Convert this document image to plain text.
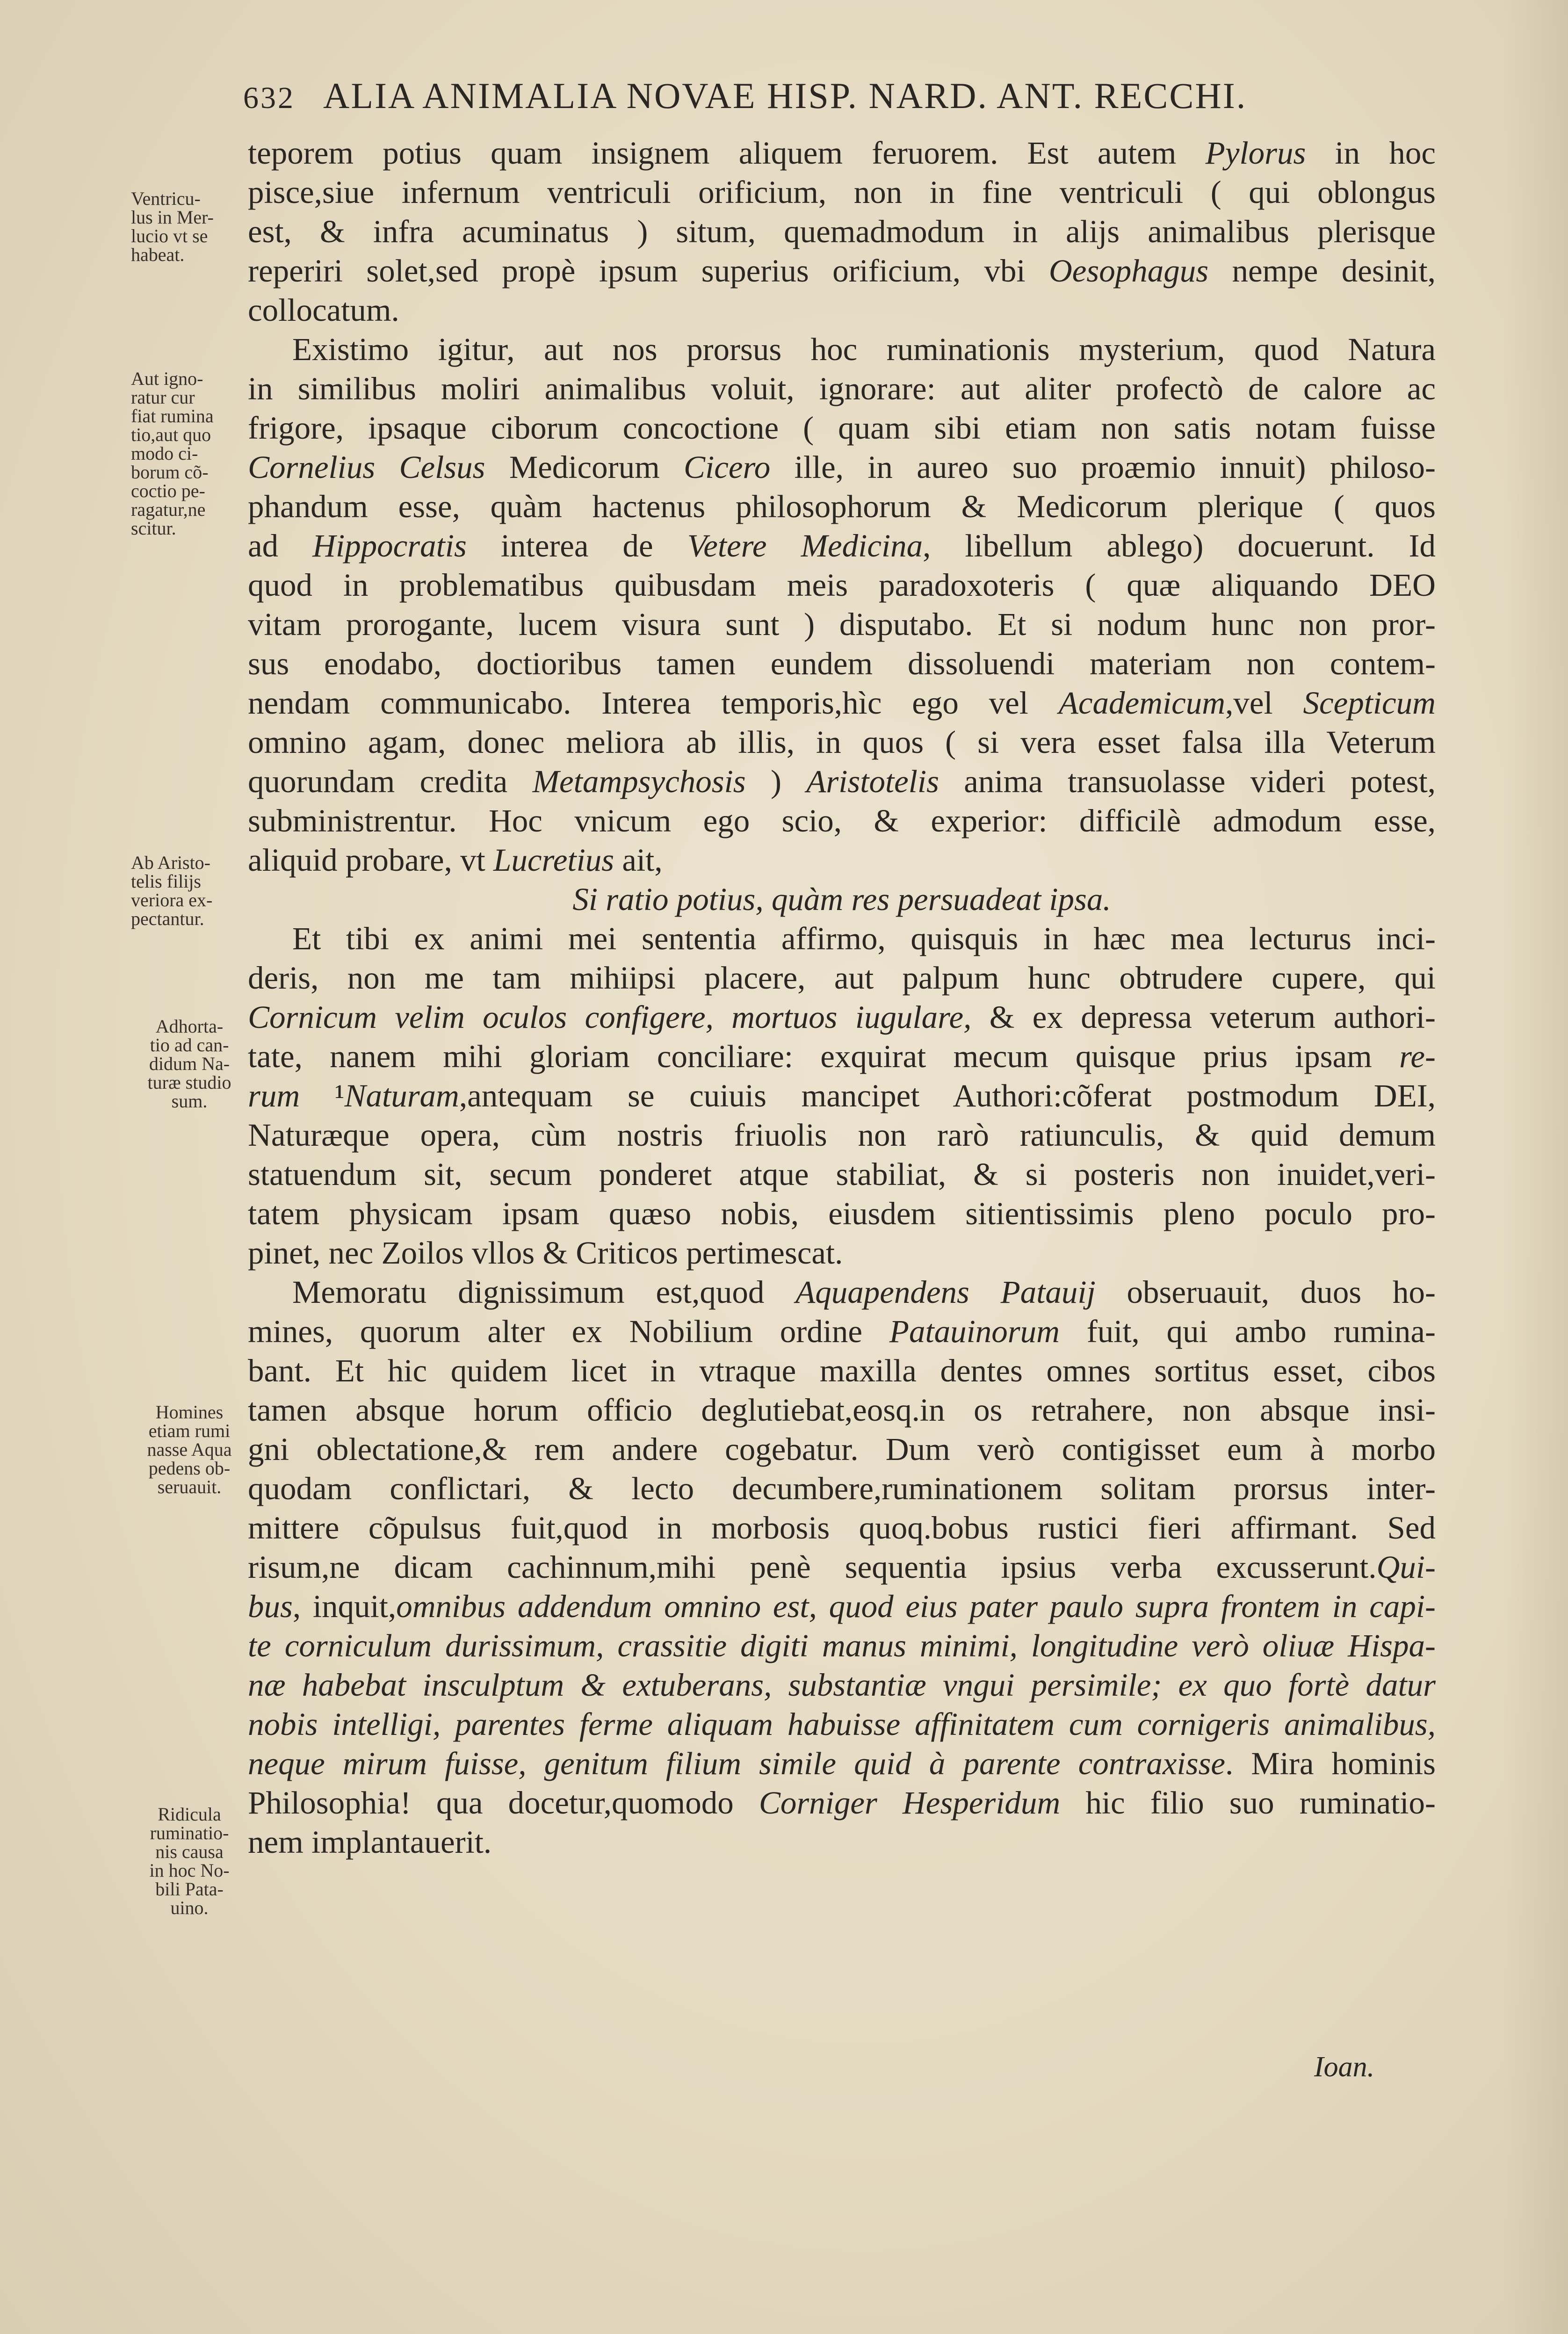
632 ALIA ANIMALIA NOVAE HISP. NARD. ANT. RECCHI.
Ventricu-
lus in Mer-
lucio vt se
habeat.
Aut igno-
ratur cur
fiat rumina
tio,aut quo
modo ci-
borum cõ-
coctio pe-
ragatur,ne
scitur.
Ab Aristo-
telis filijs
veriora ex-
pectantur.
Adhorta-
tio ad can-
didum Na-
turæ studio
sum.
Homines
etiam rumi
nasse Aqua
pedens ob-
seruauit.
Ridicula
ruminatio-
nis causa
in hoc No-
bili Pata-
uino.
teporem potius quam insignem aliquem feruorem. Est autem Pylorus in hoc
pisce,siue infernum ventriculi orificium, non in fine ventriculi ( qui oblongus
est, & infra acuminatus ) situm, quemadmodum in alijs animalibus plerisque
reperiri solet,sed propè ipsum superius orificium, vbi Oesophagus nempe desinit,
collocatum.
Existimo igitur, aut nos prorsus hoc ruminationis mysterium, quod Natura
in similibus moliri animalibus voluit, ignorare: aut aliter profectò de calore ac
frigore, ipsaque ciborum concoctione ( quam sibi etiam non satis notam fuisse
Cornelius Celsus Medicorum Cicero ille, in aureo suo proæmio innuit) philoso-
phandum esse, quàm hactenus philosophorum & Medicorum plerique ( quos
ad Hippocratis interea de Vetere Medicina, libellum ablego) docuerunt. Id
quod in problematibus quibusdam meis paradoxoteris ( quæ aliquando DEO
vitam prorogante, lucem visura sunt ) disputabo. Et si nodum hunc non pror-
sus enodabo, doctioribus tamen eundem dissoluendi materiam non contem-
nendam communicabo. Interea temporis,hìc ego vel Academicum,vel Scepticum
omnino agam, donec meliora ab illis, in quos ( si vera esset falsa illa Veterum
quorundam credita Metampsychosis ) Aristotelis anima transuolasse videri potest,
subministrentur. Hoc vnicum ego scio, & experior: difficilè admodum esse,
aliquid probare, vt Lucretius ait,
Si ratio potius, quàm res persuadeat ipsa.
Et tibi ex animi mei sententia affirmo, quisquis in hæc mea lecturus inci-
deris, non me tam mihiipsi placere, aut palpum hunc obtrudere cupere, qui
Cornicum velim oculos configere, mortuos iugulare, & ex depressa veterum authori-
tate, nanem mihi gloriam conciliare: exquirat mecum quisque prius ipsam re-
rum ¹Naturam,antequam se cuiuis mancipet Authori:cõferat postmodum DEI,
Naturæque opera, cùm nostris friuolis non rarò ratiunculis, & quid demum
statuendum sit, secum ponderet atque stabiliat, & si posteris non inuidet,veri-
tatem physicam ipsam quæso nobis, eiusdem sitientissimis pleno poculo pro-
pinet, nec Zoilos vllos & Criticos pertimescat.
Memoratu dignissimum est,quod Aquapendens Patauij obseruauit, duos ho-
mines, quorum alter ex Nobilium ordine Patauinorum fuit, qui ambo rumina-
bant. Et hic quidem licet in vtraque maxilla dentes omnes sortitus esset, cibos
tamen absque horum officio deglutiebat,eosq.in os retrahere, non absque insi-
gni oblectatione,& rem andere cogebatur. Dum verò contigisset eum à morbo
quodam conflictari, & lecto decumbere,ruminationem solitam prorsus inter-
mittere cõpulsus fuit,quod in morbosis quoq.bobus rustici fieri affirmant. Sed
risum,ne dicam cachinnum,mihi penè sequentia ipsius verba excusserunt.Qui-
bus, inquit,omnibus addendum omnino est, quod eius pater paulo supra frontem in capi-
te corniculum durissimum, crassitie digiti manus minimi, longitudine verò oliuæ Hispa-
næ habebat insculptum & extuberans, substantiæ vngui persimile; ex quo fortè datur
nobis intelligi, parentes ferme aliquam habuisse affinitatem cum cornigeris animalibus,
neque mirum fuisse, genitum filium simile quid à parente contraxisse. Mira hominis
Philosophia! qua docetur,quomodo Corniger Hesperidum hic filio suo ruminatio-
nem implantauerit.
Ioan.
